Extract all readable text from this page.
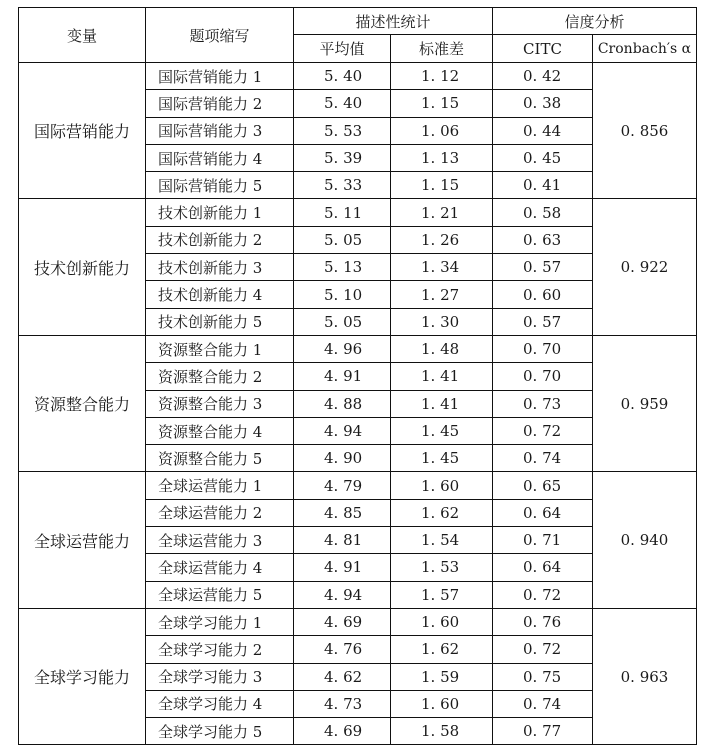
变量	题项缩写	描述性统计		信度分析	
		平均值	标准差	CITC	Cronbach′s α
国际营销能力	国际营销能力 1	5. 40	1. 12	0. 42	0. 856
	国际营销能力 2	5. 40	1. 15	0. 38	
	国际营销能力 3	5. 53	1. 06	0. 44	
	国际营销能力 4	5. 39	1. 13	0. 45	
	国际营销能力 5	5. 33	1. 15	0. 41	
技术创新能力	技术创新能力 1	5. 11	1. 21	0. 58	0. 922
	技术创新能力 2	5. 05	1. 26	0. 63	
	技术创新能力 3	5. 13	1. 34	0. 57	
	技术创新能力 4	5. 10	1. 27	0. 60	
	技术创新能力 5	5. 05	1. 30	0. 57	
资源整合能力	资源整合能力 1	4. 96	1. 48	0. 70	0. 959
	资源整合能力 2	4. 91	1. 41	0. 70	
	资源整合能力 3	4. 88	1. 41	0. 73	
	资源整合能力 4	4. 94	1. 45	0. 72	
	资源整合能力 5	4. 90	1. 45	0. 74	
全球运营能力	全球运营能力 1	4. 79	1. 60	0. 65	0. 940
	全球运营能力 2	4. 85	1. 62	0. 64	
	全球运营能力 3	4. 81	1. 54	0. 71	
	全球运营能力 4	4. 91	1. 53	0. 64	
	全球运营能力 5	4. 94	1. 57	0. 72	
全球学习能力	全球学习能力 1	4. 69	1. 60	0. 76	0. 963
	全球学习能力 2	4. 76	1. 62	0. 72	
	全球学习能力 3	4. 62	1. 59	0. 75	
	全球学习能力 4	4. 73	1. 60	0. 74	
	全球学习能力 5	4. 69	1. 58	0. 77	
